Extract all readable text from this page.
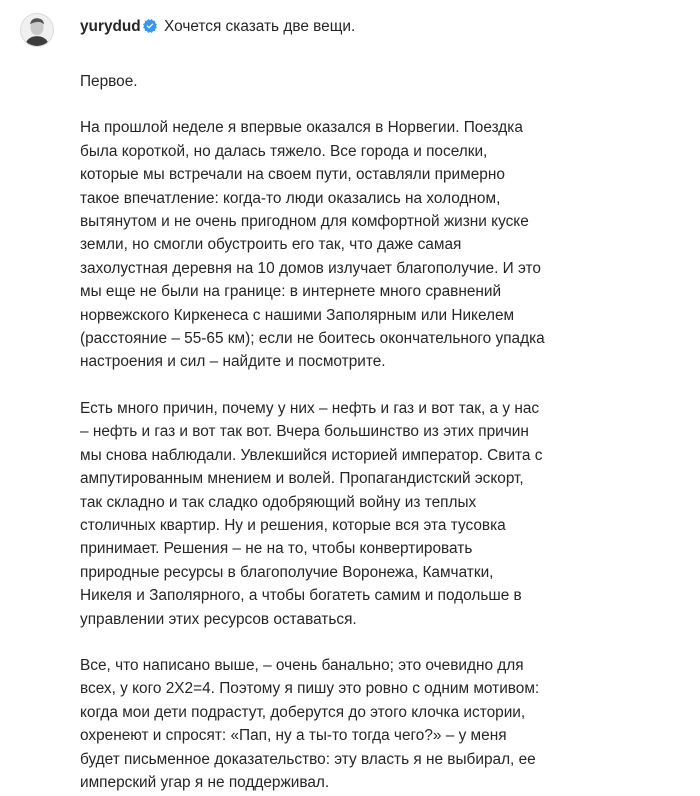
yurydud Хочется сказать две вещи.
Первое.
На прошлой неделе я впервые оказался в Норвегии. Поездка
была короткой, но далась тяжело. Все города и поселки,
которые мы встречали на своем пути, оставляли примерно
такое впечатление: когда-то люди оказались на холодном,
вытянутом и не очень пригодном для комфортной жизни куске
земли, но смогли обустроить его так, что даже самая
захолустная деревня на 10 домов излучает благополучие. И это
мы еще не были на границе: в интернете много сравнений
норвежского Киркенеса с нашими Заполярным или Никелем
(расстояние – 55-65 км); если не боитесь окончательного упадка
настроения и сил – найдите и посмотрите.
Есть много причин, почему у них – нефть и газ и вот так, а у нас
– нефть и газ и вот так вот. Вчера большинство из этих причин
мы снова наблюдали. Увлекшийся историей император. Свита с
ампутированным мнением и волей. Пропагандистский эскорт,
так складно и так сладко одобряющий войну из теплых
столичных квартир. Ну и решения, которые вся эта тусовка
принимает. Решения – не на то, чтобы конвертировать
природные ресурсы в благополучие Воронежа, Камчатки,
Никеля и Заполярного, а чтобы богатеть самим и подольше в
управлении этих ресурсов оставаться.
Все, что написано выше, – очень банально; это очевидно для
всех, у кого 2Х2=4. Поэтому я пишу это ровно с одним мотивом:
когда мои дети подрастут, доберутся до этого клочка истории,
охренеют и спросят: «Пап, ну а ты-то тогда чего?» – у меня
будет письменное доказательство: эту власть я не выбирал, ее
имперский угар я не поддерживал.
